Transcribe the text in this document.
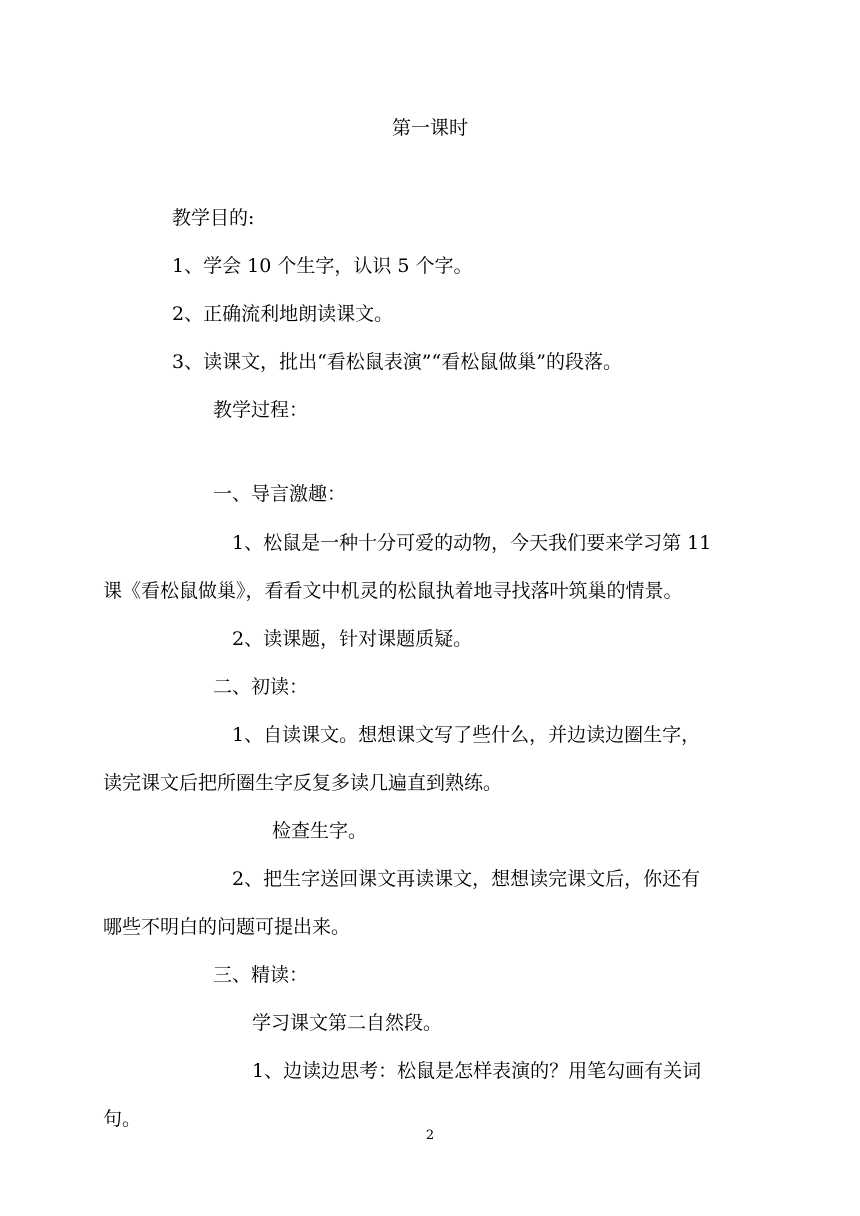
第一课时
教学目的:
1、学会 10 个生字，认识 5 个字。
2、正确流利地朗读课文。
3、读课文，批出“看松鼠表演”“看松鼠做巢”的段落。
教学过程：
一、导言激趣：
1、松鼠是一种十分可爱的动物，今天我们要来学习第 11
课《看松鼠做巢》，看看文中机灵的松鼠执着地寻找落叶筑巢的情景。
2、读课题，针对课题质疑。
二、初读：
1、自读课文。想想课文写了些什么，并边读边圈生字，
读完课文后把所圈生字反复多读几遍直到熟练。
检查生字。
2、把生字送回课文再读课文，想想读完课文后，你还有
哪些不明白的问题可提出来。
三、精读：
学习课文第二自然段。
1、边读边思考：松鼠是怎样表演的？用笔勾画有关词
句。
2
